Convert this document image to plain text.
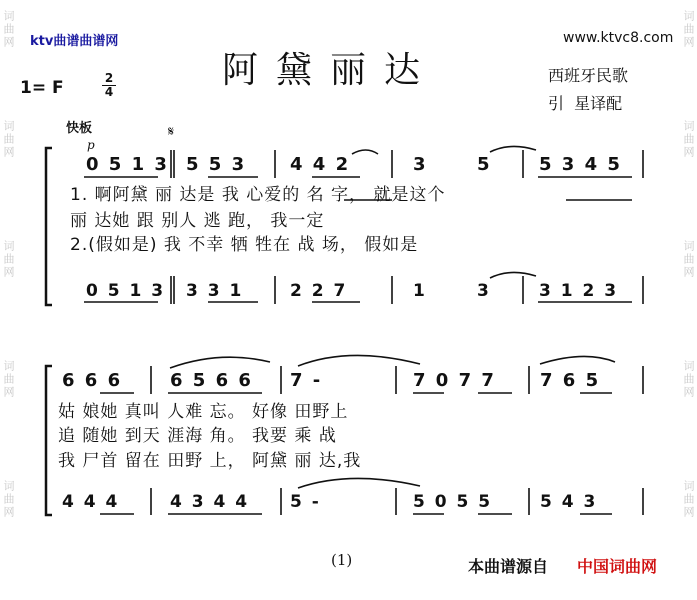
词曲网
词曲网
词曲网
词曲网
词曲网
词曲网
词曲网
词曲网
词曲网
词曲网
ktv曲谱曲谱网	www.ktvc8.com
阿黛丽达	西班牙民歌
引  星译配
1= F	2
4
快板	𝄋
p
0 5 1 3 5 5 3 4 4 2	3	5	5 3 4 5
1. 啊阿黛 丽 达是 我 心爱的 名 字， 就是这个
丽 达她 跟 别人 逃 跑， 我一定
2.(假如是) 我 不幸 牺 牲在 战 场， 假如是
0 5 1 3 3 3 1	2 2 7	1	3	3 1 2 3
6 6 6	6 5 6 6 7 -	7 0 7 7 7 6 5
姑 娘她 真叫 人难 忘。 好像 田野上
追 随她 到天 涯海 角。 我要 乘 战
我 尸首 留在 田野 上， 阿黛 丽 达,我
4 4 4	4 3 4 4 5 -	5 0 5 5	5 4 3
(1)	本曲谱源自 中国词曲网
